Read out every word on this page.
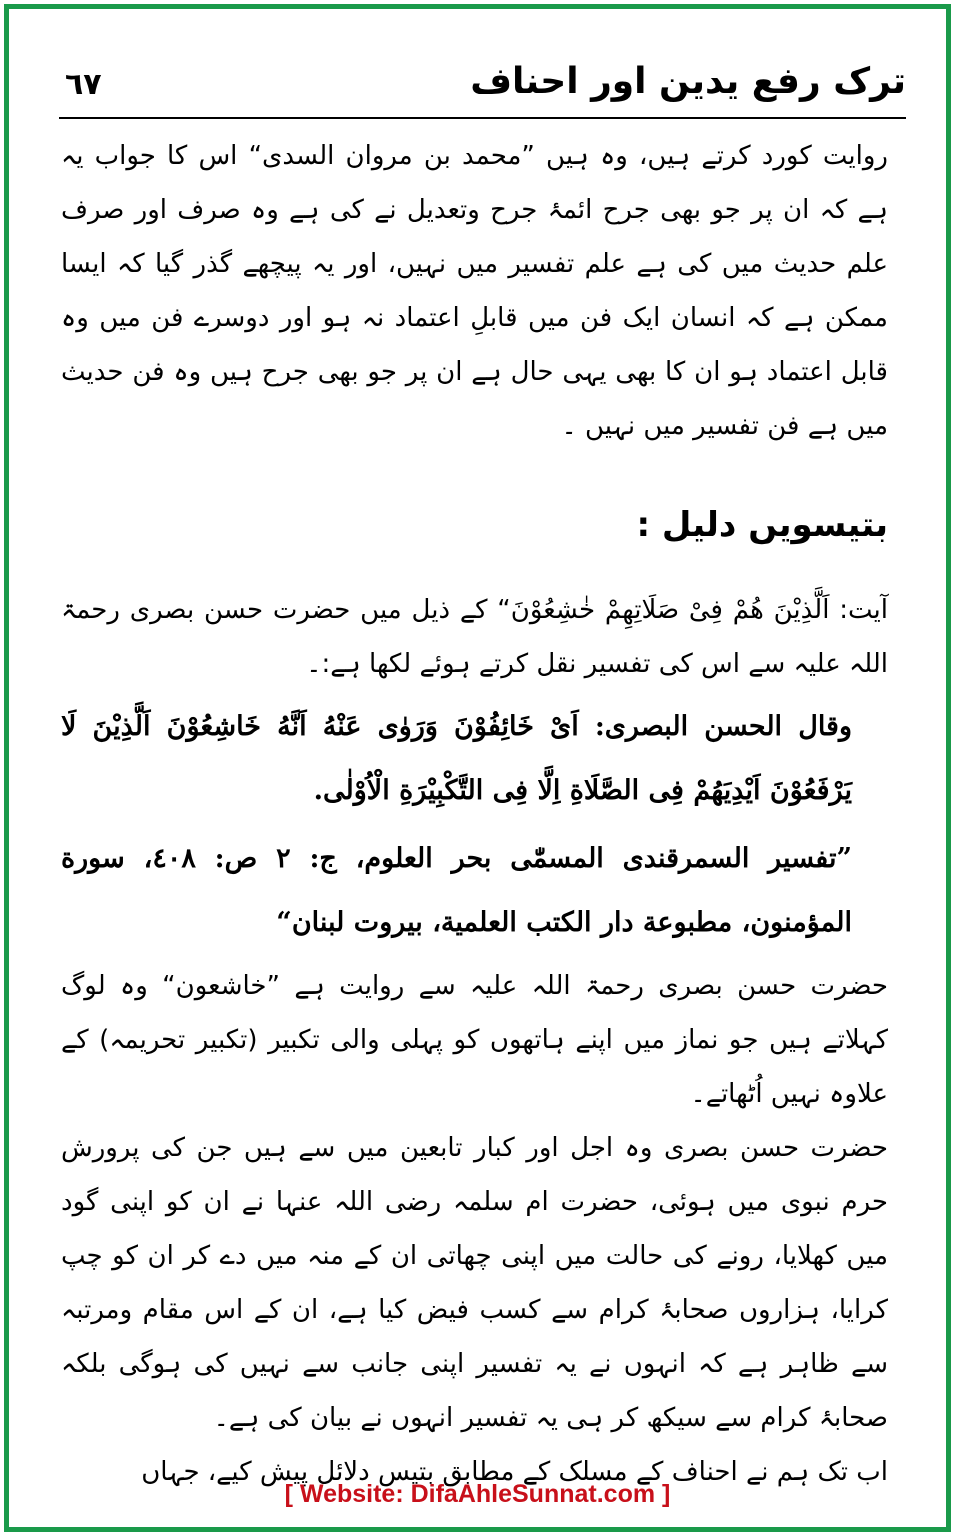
ترک رفع یدین اور احناف
٦٧

روایت کورد کرتے ہیں، وہ ہیں ”محمد بن مروان السدی“ اس کا جواب یہ ہے کہ ان پر جو بھی جرح ائمۂ جرح وتعدیل نے کی ہے وہ صرف اور صرف علم حدیث میں کی ہے علم تفسیر میں نہیں، اور یہ پیچھے گذر گیا کہ ایسا ممکن ہے کہ انسان ایک فن میں قابلِ اعتماد نہ ہو اور دوسرے فن میں وہ قابل اعتماد ہو ان کا بھی یہی حال ہے ان پر جو بھی جرح ہیں وہ فن حدیث میں ہے فن تفسیر میں نہیں ۔

بتیسویں دلیل :

آیت: اَلَّذِیْنَ هُمْ فِیْ صَلَاتِهِمْ خٰشِعُوْنَ“ کے ذیل میں حضرت حسن بصری رحمۃ اللہ علیہ سے اس کی تفسیر نقل کرتے ہوئے لکھا ہے:۔

وقال الحسن البصری: اَیْ خَائِفُوْنَ وَرَوٰی عَنْهُ اَنَّهُ خَاشِعُوْنَ اَلَّذِیْنَ لَا یَرْفَعُوْنَ اَیْدِیَهُمْ فِی الصَّلَاةِ اِلَّا فِی التَّکْبِیْرَةِ الْاُوْلٰی.

”تفسیر السمرقندی المسمّٰی بحر العلوم، ج: ٢ ص: ٤٠٨، سورة المؤمنون، مطبوعة دار الکتب العلمیة، بیروت لبنان“

حضرت حسن بصری رحمۃ اللہ علیہ سے روایت ہے ”خاشعون“ وہ لوگ کہلاتے ہیں جو نماز میں اپنے ہاتھوں کو پہلی والی تکبیر (تکبیر تحریمہ) کے علاوہ نہیں اُٹھاتے۔

حضرت حسن بصری وہ اجل اور کبار تابعین میں سے ہیں جن کی پرورش حرم نبوی میں ہوئی، حضرت ام سلمہ رضی اللہ عنہا نے ان کو اپنی گود میں کھلایا، رونے کی حالت میں اپنی چھاتی ان کے منہ میں دے کر ان کو چپ کرایا، ہزاروں صحابۂ کرام سے کسب فیض کیا ہے، ان کے اس مقام ومرتبہ سے ظاہر ہے کہ انہوں نے یہ تفسیر اپنی جانب سے نہیں کی ہوگی بلکہ صحابۂ کرام سے سیکھ کر ہی یہ تفسیر انہوں نے بیان کی ہے۔

اب تک ہم نے احناف کے مسلک کے مطابق بتیس دلائل پیش کیے، جہاں

[ Website: DifaAhleSunnat.com ]
